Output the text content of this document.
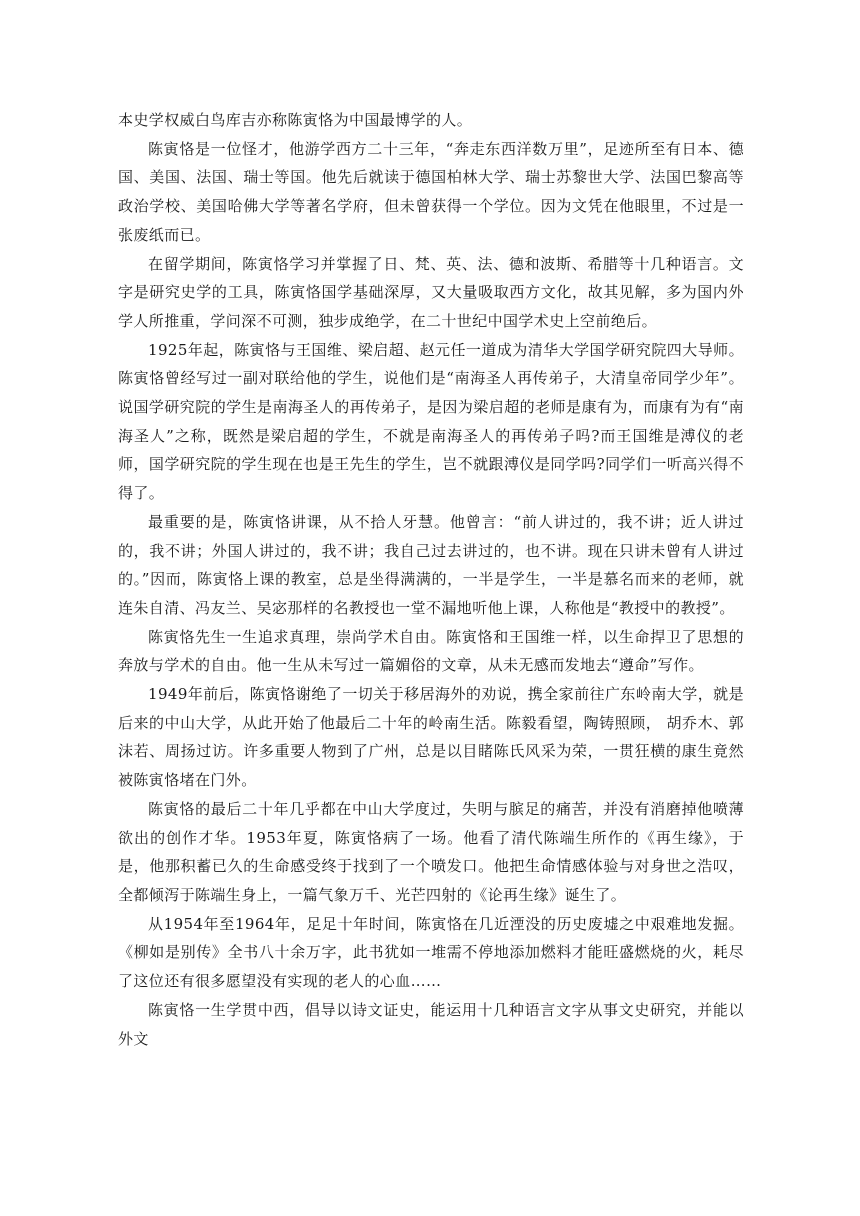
本史学权威白鸟库吉亦称陈寅恪为中国最博学的人。

陈寅恪是一位怪才，他游学西方二十三年，“奔走东西洋数万里”，足迹所至有日本、德国、美国、法国、瑞士等国。他先后就读于德国柏林大学、瑞士苏黎世大学、法国巴黎高等政治学校、美国哈佛大学等著名学府，但未曾获得一个学位。因为文凭在他眼里，不过是一张废纸而已。

在留学期间，陈寅恪学习并掌握了日、梵、英、法、德和波斯、希腊等十几种语言。文字是研究史学的工具，陈寅恪国学基础深厚，又大量吸取西方文化，故其见解，多为国内外学人所推重，学问深不可测，独步成绝学，在二十世纪中国学术史上空前绝后。

1925年起，陈寅恪与王国维、梁启超、赵元任一道成为清华大学国学研究院四大导师。陈寅恪曾经写过一副对联给他的学生，说他们是“南海圣人再传弟子，大清皇帝同学少年”。说国学研究院的学生是南海圣人的再传弟子，是因为梁启超的老师是康有为，而康有为有“南海圣人”之称，既然是梁启超的学生，不就是南海圣人的再传弟子吗?而王国维是溥仪的老师，国学研究院的学生现在也是王先生的学生，岂不就跟溥仪是同学吗?同学们一听高兴得不得了。

最重要的是，陈寅恪讲课，从不拾人牙慧。他曾言：“前人讲过的，我不讲；近人讲过的，我不讲；外国人讲过的，我不讲；我自己过去讲过的，也不讲。现在只讲未曾有人讲过的。”因而，陈寅恪上课的教室，总是坐得满满的，一半是学生，一半是慕名而来的老师，就连朱自清、冯友兰、吴宓那样的名教授也一堂不漏地听他上课，人称他是“教授中的教授”。

陈寅恪先生一生追求真理，崇尚学术自由。陈寅恪和王国维一样，以生命捍卫了思想的奔放与学术的自由。他一生从未写过一篇媚俗的文章，从未无感而发地去“遵命”写作。

1949年前后，陈寅恪谢绝了一切关于移居海外的劝说，携全家前往广东岭南大学，就是后来的中山大学，从此开始了他最后二十年的岭南生活。陈毅看望，陶铸照顾， 胡乔木、郭沫若、周扬过访。许多重要人物到了广州，总是以目睹陈氏风采为荣，一贯狂横的康生竟然被陈寅恪堵在门外。

陈寅恪的最后二十年几乎都在中山大学度过，失明与膑足的痛苦，并没有消磨掉他喷薄欲出的创作才华。1953年夏，陈寅恪病了一场。他看了清代陈端生所作的《再生缘》，于是，他那积蓄已久的生命感受终于找到了一个喷发口。他把生命情感体验与对身世之浩叹，全都倾泻于陈端生身上，一篇气象万千、光芒四射的《论再生缘》诞生了。

从1954年至1964年，足足十年时间，陈寅恪在几近湮没的历史废墟之中艰难地发掘。《柳如是别传》全书八十余万字，此书犹如一堆需不停地添加燃料才能旺盛燃烧的火，耗尽了这位还有很多愿望没有实现的老人的心血……

陈寅恪一生学贯中西，倡导以诗文证史，能运用十几种语言文字从事文史研究，并能以外文
